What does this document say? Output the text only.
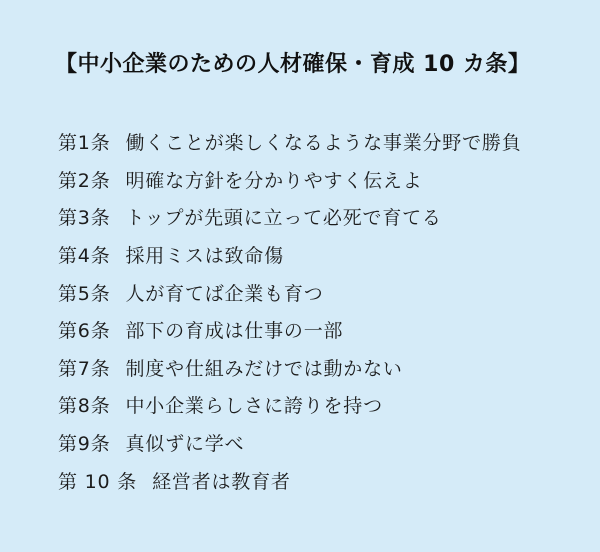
【中小企業のための人材確保・育成 10 カ条】
第1条 働くことが楽しくなるような事業分野で勝負
第2条 明確な方針を分かりやすく伝えよ
第3条 トップが先頭に立って必死で育てる
第4条 採用ミスは致命傷
第5条 人が育てば企業も育つ
第6条 部下の育成は仕事の一部
第7条 制度や仕組みだけでは動かない
第8条 中小企業らしさに誇りを持つ
第9条 真似ずに学べ
第 10 条 経営者は教育者
